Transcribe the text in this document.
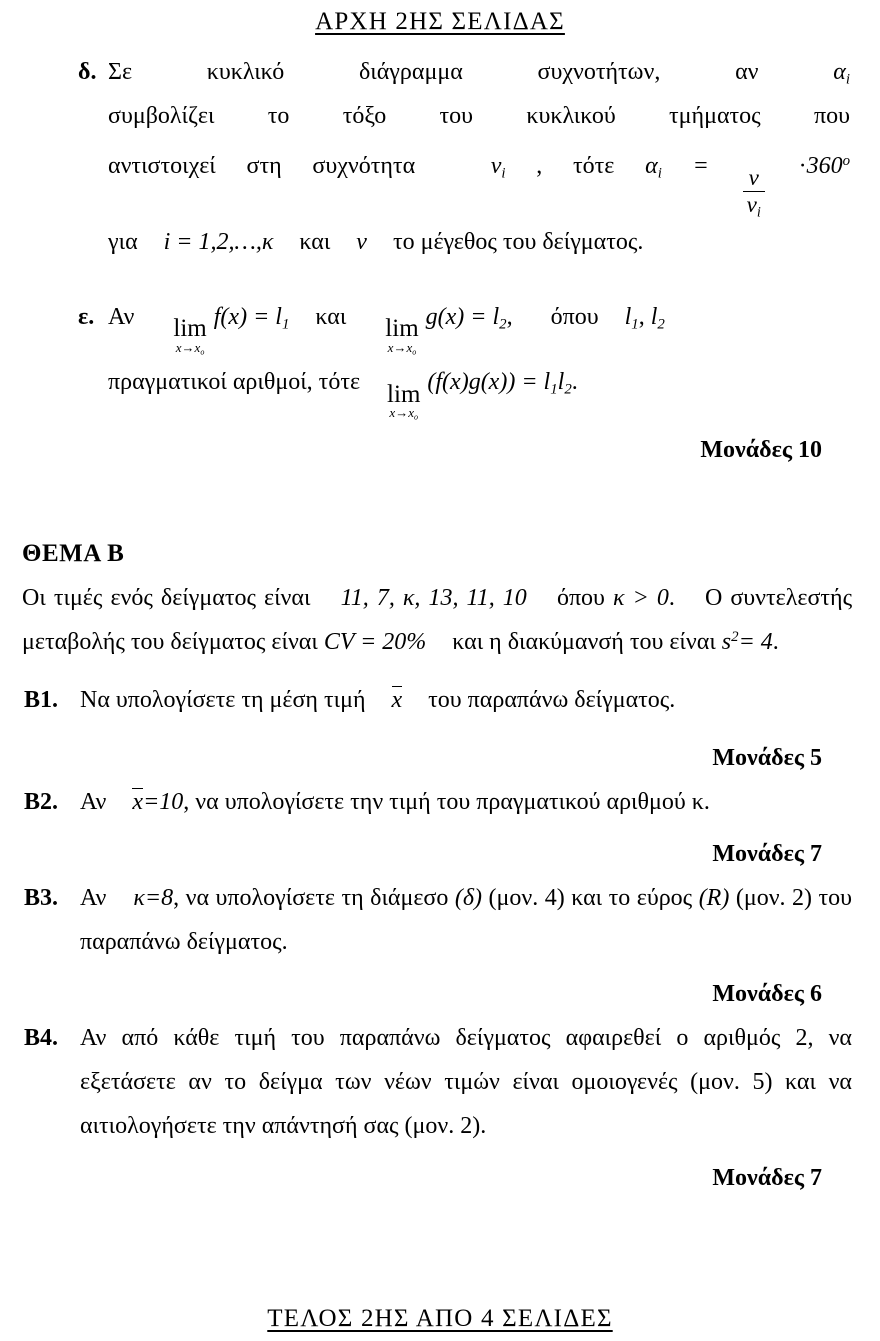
ΑΡΧΗ 2ΗΣ ΣΕΛΙΔΑΣ
δ. Σε κυκλικό διάγραμμα συχνοτήτων, αν	$\alpha_i$
συμβολίζει το τόξο του κυκλικού τμήματος που
αντιστοιχεί στη συχνότητα	$\nu_i$ , τότε $\alpha_i = \frac{\nu}{\nu_i} \cdot 360^o$
για i = 1,2,…,κ και ν το μέγεθος του δείγματος.
ε. Αν lim
$x\to x_o$
$f(x) = l_1$ και lim
$x\to x_o$
$g(x) = l_2$, όπου $l_1$, $l_2$
πραγματικοί αριθμοί, τότε lim
$x\to x_o$
$(f(x)g(x)) = l_1l_2$.
Μονάδες 10
ΘΕΜΑ Β
Οι τιμές ενός δείγματος είναι 11, 7, κ, 13, 11, 10 όπου κ > 0. Ο συντελεστής μεταβολής του δείγματος είναι CV = 20% και η διακύμανσή του είναι $s^2= 4$.
B1. Να υπολογίσετε τη μέση τιμή x του παραπάνω δείγματος.
Μονάδες 5
B2. Αν x=10, να υπολογίσετε την τιμή του πραγματικού αριθμού κ.
Μονάδες 7
B3. Αν κ=8, να υπολογίσετε τη διάμεσο (δ) (μον. 4) και το εύρος (R) (μον. 2) του παραπάνω δείγματος.
Μονάδες 6
B4. Αν από κάθε τιμή του παραπάνω δείγματος αφαιρεθεί ο αριθμός 2, να εξετάσετε αν το δείγμα των νέων τιμών είναι ομοιογενές (μον. 5) και να αιτιολογήσετε την απάντησή σας (μον. 2).
Μονάδες 7
ΤΕΛΟΣ 2ΗΣ ΑΠΟ 4 ΣΕΛΙΔΕΣ
